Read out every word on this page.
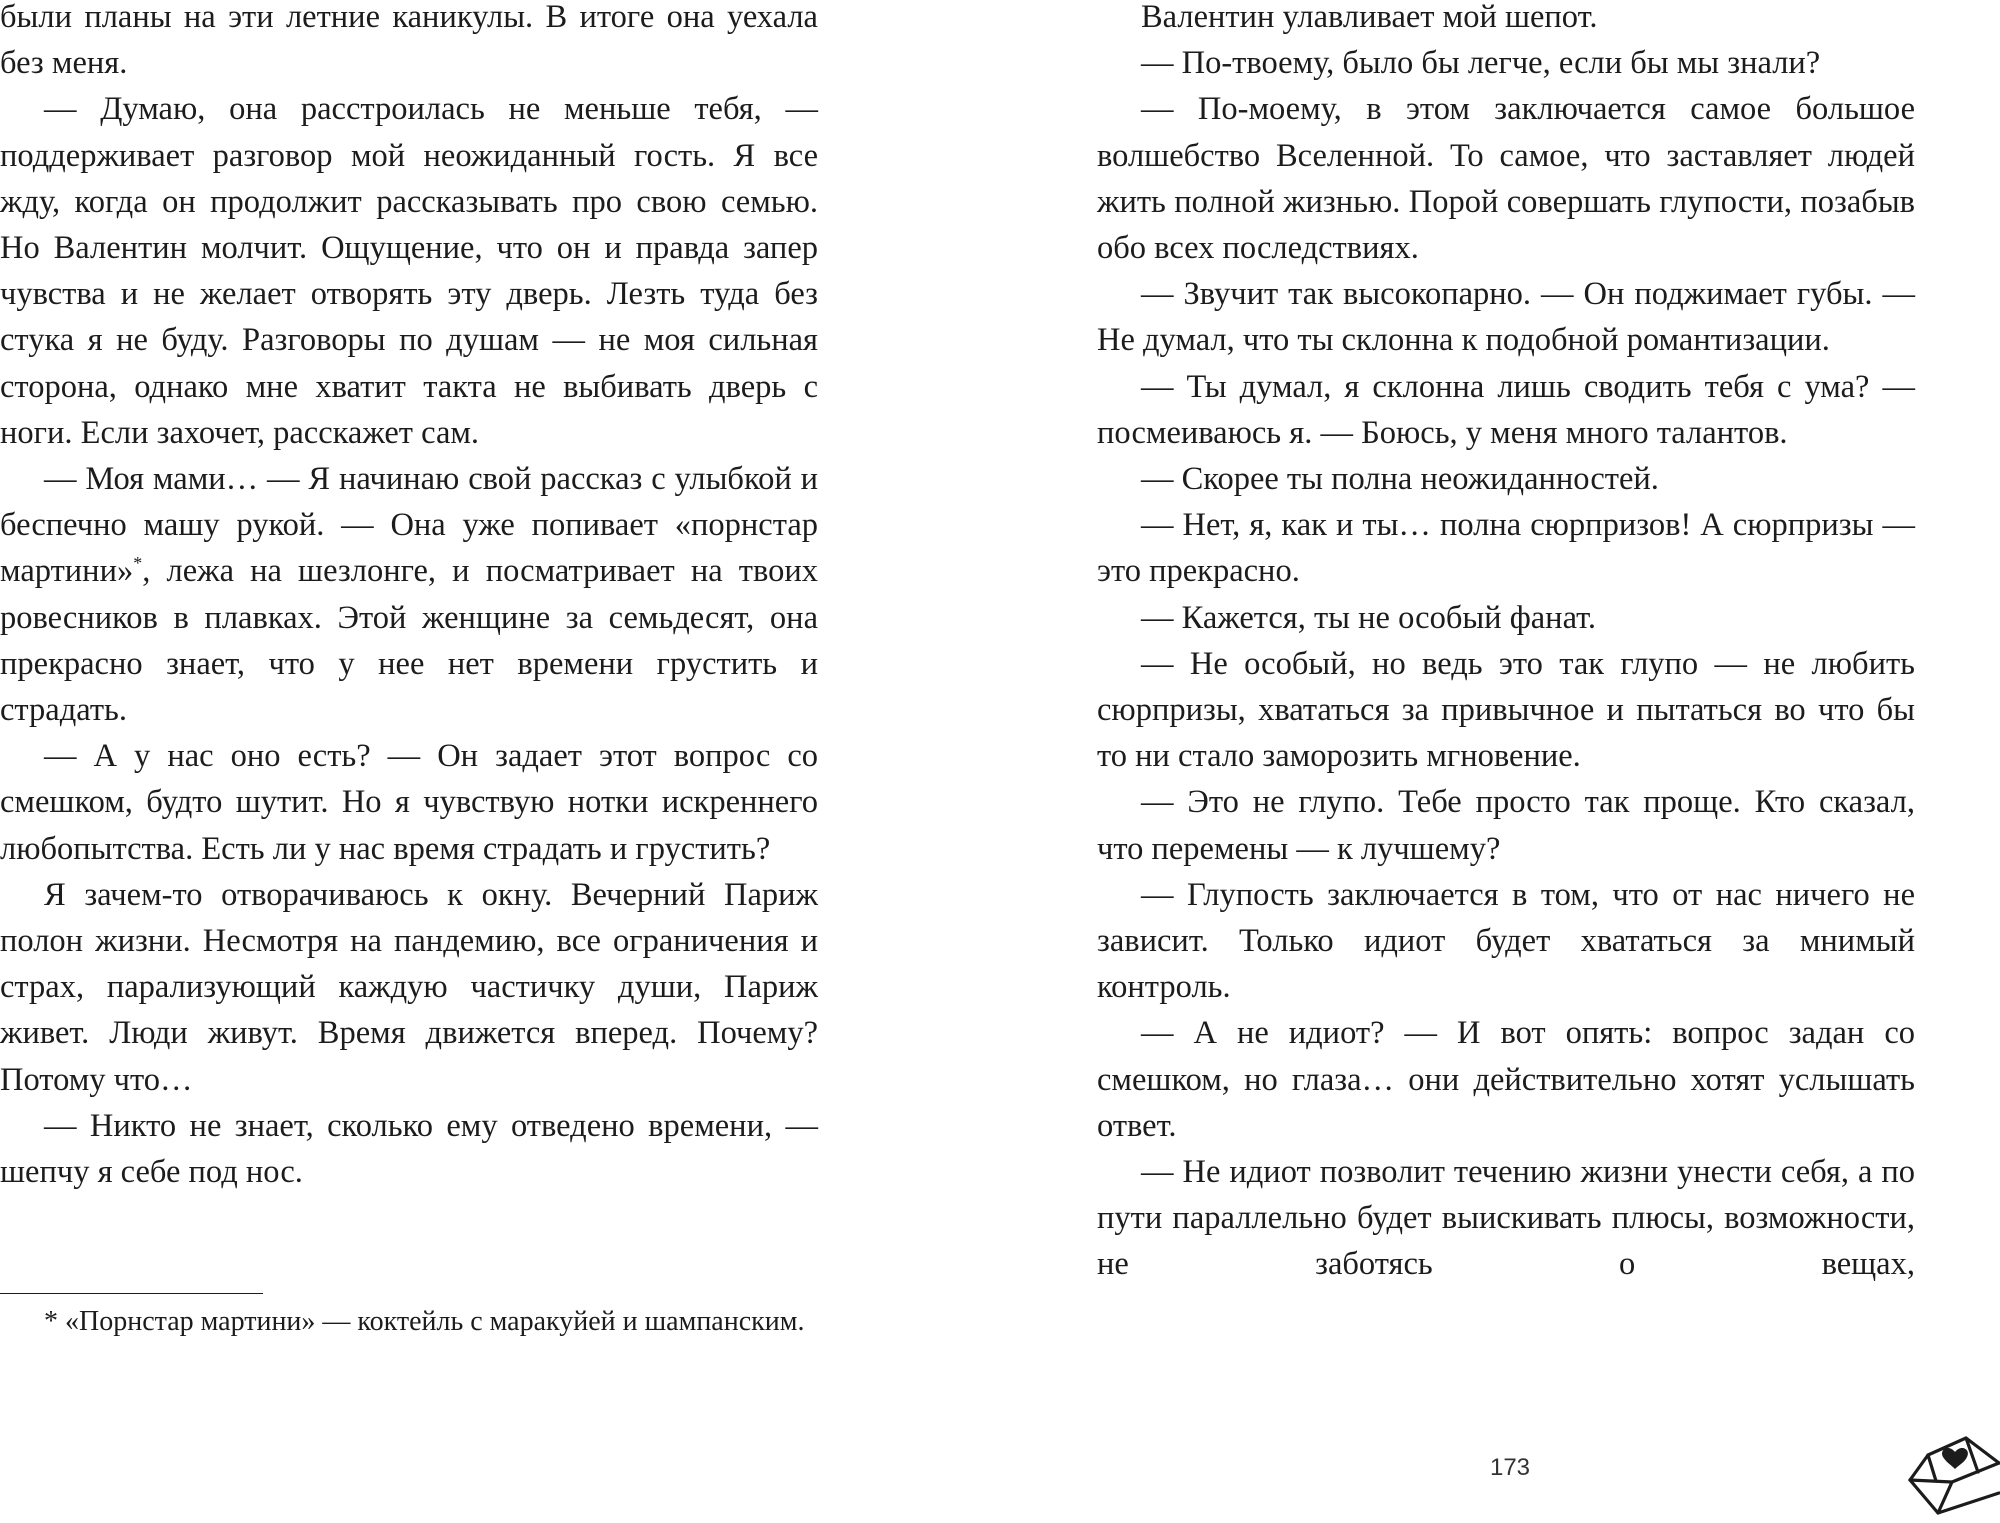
были планы на эти летние каникулы. В итоге она уехала без меня.

— Думаю, она расстроилась не меньше тебя, — поддерживает разговор мой неожиданный гость. Я все жду, когда он продолжит рассказывать про свою семью. Но Валентин молчит. Ощущение, что он и правда запер чувства и не желает отворять эту дверь. Лезть туда без стука я не буду. Разговоры по душам — не моя сильная сторона, однако мне хватит такта не выбивать дверь с ноги. Если захочет, расскажет сам.

— Моя мами… — Я начинаю свой рассказ с улыбкой и беспечно машу рукой. — Она уже попивает «порнстар мартини»*, лежа на шезлонге, и посматривает на твоих ровесников в плавках. Этой женщине за семьдесят, она прекрасно знает, что у нее нет времени грустить и страдать.

— А у нас оно есть? — Он задает этот вопрос со смешком, будто шутит. Но я чувствую нотки искреннего любопытства. Есть ли у нас время страдать и грустить?

Я зачем-то отворачиваюсь к окну. Вечерний Париж полон жизни. Несмотря на пандемию, все ограничения и страх, парализующий каждую частичку души, Париж живет. Люди живут. Время движется вперед. Почему? Потому что…

— Никто не знает, сколько ему отведено времени, — шепчу я себе под нос.

* «Порнстар мартини» — коктейль с маракуйей и шампанским.

Валентин улавливает мой шепот.

— По-твоему, было бы легче, если бы мы знали?

— По-моему, в этом заключается самое большое волшебство Вселенной. То самое, что заставляет людей жить полной жизнью. Порой совершать глупости, позабыв обо всех последствиях.

— Звучит так высокопарно. — Он поджимает губы. — Не думал, что ты склонна к подобной романтизации.

— Ты думал, я склонна лишь сводить тебя с ума? — посмеиваюсь я. — Боюсь, у меня много талантов.

— Скорее ты полна неожиданностей.

— Нет, я, как и ты… полна сюрпризов! А сюрпризы — это прекрасно.

— Кажется, ты не особый фанат.

— Не особый, но ведь это так глупо — не любить сюрпризы, хвататься за привычное и пытаться во что бы то ни стало заморозить мгновение.

— Это не глупо. Тебе просто так проще. Кто сказал, что перемены — к лучшему?

— Глупость заключается в том, что от нас ничего не зависит. Только идиот будет хвататься за мнимый контроль.

— А не идиот? — И вот опять: вопрос задан со смешком, но глаза… они действительно хотят услышать ответ.

— Не идиот позволит течению жизни унести себя, а по пути параллельно будет выискивать плюсы, возможности, не заботясь о вещах,

173
